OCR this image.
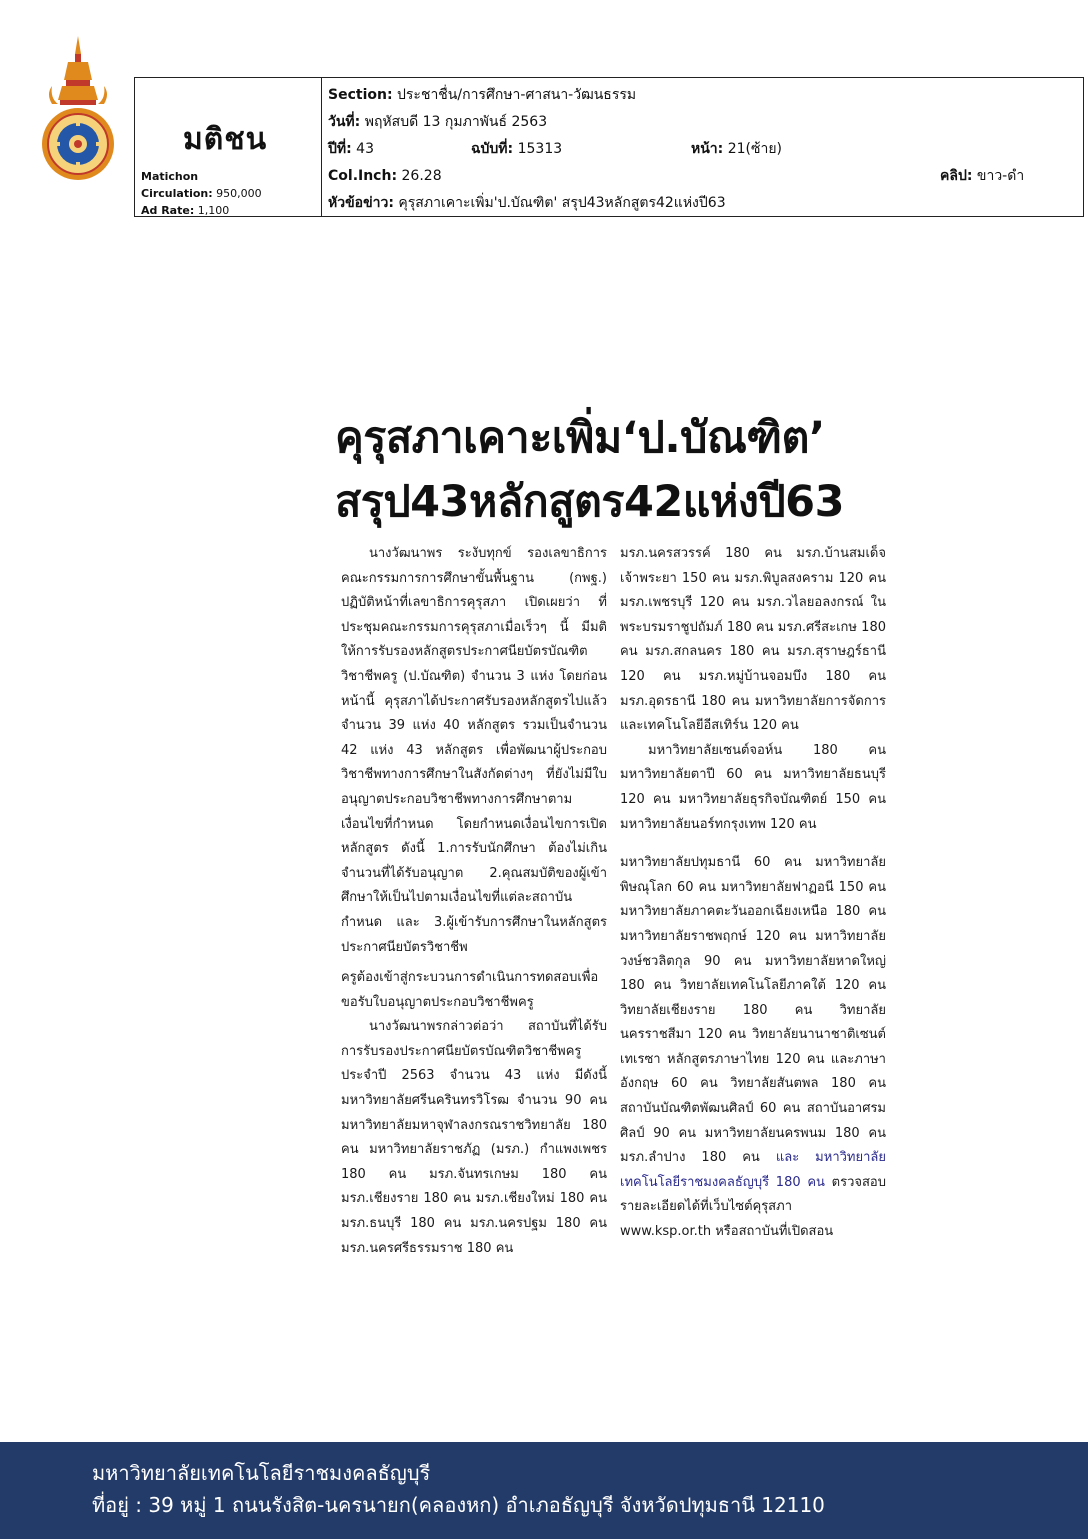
มติชน
Matichon
Circulation: 950,000
Ad Rate: 1,100
Section: ประชาชื่น/การศึกษา-ศาสนา-วัฒนธรรม
วันที่: พฤหัสบดี 13 กุมภาพันธ์ 2563
ปีที่: 43	ฉบับที่: 15313	หน้า: 21(ซ้าย)
Col.Inch: 26.28	คลิป: ขาว-ดำ
หัวข้อข่าว: คุรุสภาเคาะเพิ่ม'ป.บัณฑิต' สรุป43หลักสูตร42แห่งปี63
คุรุสภาเคาะเพิ่ม‘ป.บัณฑิต’
สรุป43หลักสูตร42แห่งปี63

นางวัฒนาพร ระงับทุกข์ รองเลขาธิการคณะกรรมการการศึกษาขั้นพื้นฐาน (กพฐ.) ปฏิบัติหน้าที่เลขาธิการคุรุสภา เปิดเผยว่า ที่ประชุมคณะกรรมการคุรุสภาเมื่อเร็วๆ นี้ มีมติให้การรับรองหลักสูตรประกาศนียบัตรบัณฑิตวิชาชีพครู (ป.บัณฑิต) จำนวน 3 แห่ง โดยก่อนหน้านี้ คุรุสภาได้ประกาศรับรองหลักสูตรไปแล้ว จำนวน 39 แห่ง 40 หลักสูตร รวมเป็นจำนวน 42 แห่ง 43 หลักสูตร เพื่อพัฒนาผู้ประกอบวิชาชีพทางการศึกษาในสังกัดต่างๆ ที่ยังไม่มีใบอนุญาตประกอบวิชาชีพทางการศึกษาตามเงื่อนไขที่กำหนด โดยกำหนดเงื่อนไขการเปิดหลักสูตร ดังนี้ 1.การรับนักศึกษา ต้องไม่เกินจำนวนที่ได้รับอนุญาต 2.คุณสมบัติของผู้เข้าศึกษาให้เป็นไปตามเงื่อนไขที่แต่ละสถาบันกำหนด และ 3.ผู้เข้ารับการศึกษาในหลักสูตรประกาศนียบัตรวิชาชีพ

ครูต้องเข้าสู่กระบวนการดำเนินการทดสอบเพื่อขอรับใบอนุญาตประกอบวิชาชีพครู

นางวัฒนาพรกล่าวต่อว่า สถาบันที่ได้รับการรับรองประกาศนียบัตรบัณฑิตวิชาชีพครู ประจำปี 2563 จำนวน 43 แห่ง มีดังนี้ มหาวิทยาลัยศรีนครินทรวิโรฒ จำนวน 90 คน มหาวิทยาลัยมหาจุฬาลงกรณราชวิทยาลัย 180 คน มหาวิทยาลัยราชภัฏ (มรภ.) กำแพงเพชร 180 คน มรภ.จันทรเกษม 180 คน มรภ.เชียงราย 180 คน มรภ.เชียงใหม่ 180 คน มรภ.ธนบุรี 180 คน มรภ.นครปฐม 180 คน มรภ.นครศรีธรรมราช 180 คน

มรภ.นครสวรรค์ 180 คน มรภ.บ้านสมเด็จเจ้าพระยา 150 คน มรภ.พิบูลสงคราม 120 คน มรภ.เพชรบุรี 120 คน มรภ.วไลยอลงกรณ์ ในพระบรมราชูปถัมภ์ 180 คน มรภ.ศรีสะเกษ 180 คน มรภ.สกลนคร 180 คน มรภ.สุราษฎร์ธานี 120 คน มรภ.หมู่บ้านจอมบึง 180 คน มรภ.อุดรธานี 180 คน มหาวิทยาลัยการจัดการและเทคโนโลยีอีสเทิร์น 120 คน

มหาวิทยาลัยเซนต์จอห์น 180 คน มหาวิทยาลัยตาปี 60 คน มหาวิทยาลัยธนบุรี 120 คน มหาวิทยาลัยธุรกิจบัณฑิตย์ 150 คน มหาวิทยาลัยนอร์ทกรุงเทพ 120 คน

มหาวิทยาลัยปทุมธานี 60 คน มหาวิทยาลัยพิษณุโลก 60 คน มหาวิทยาลัยฟาฏอนี 150 คน มหาวิทยาลัยภาคตะวันออกเฉียงเหนือ 180 คน มหาวิทยาลัยราชพฤกษ์ 120 คน มหาวิทยาลัยวงษ์ชวลิตกุล 90 คน มหาวิทยาลัยหาดใหญ่ 180 คน วิทยาลัยเทคโนโลยีภาคใต้ 120 คน วิทยาลัยเชียงราย 180 คน วิทยาลัยนครราชสีมา 120 คน วิทยาลัยนานาชาติเซนต์เทเรซา หลักสูตรภาษาไทย 120 คน และภาษาอังกฤษ 60 คน วิทยาลัยสันตพล 180 คน สถาบันบัณฑิตพัฒนศิลป์ 60 คน สถาบันอาศรมศิลป์ 90 คน มหาวิทยาลัยนครพนม 180 คน มรภ.ลำปาง 180 คน และ มหาวิทยาลัยเทคโนโลยีราชมงคลธัญบุรี 180 คน ตรวจสอบรายละเอียดได้ที่เว็บไซต์คุรุสภา www.ksp.or.th หรือสถาบันที่เปิดสอน

มหาวิทยาลัยเทคโนโลยีราชมงคลธัญบุรี
ที่อยู่ : 39 หมู่ 1 ถนนรังสิต-นครนายก(คลองหก) อำเภอธัญบุรี จังหวัดปทุมธานี 12110
